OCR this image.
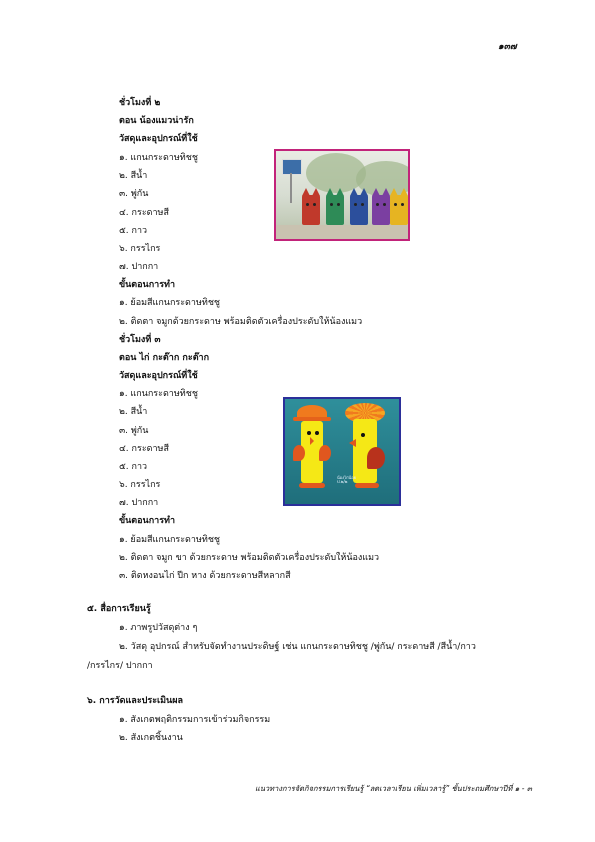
๑๓๗
ชั่วโมงที่ ๒
ตอน น้องแมวน่ารัก
วัสดุและอุปกรณ์ที่ใช้
๑. แกนกระดาษทิชชู
๒. สีน้ำ
๓. พู่กัน
๔. กระดาษสี
๕. กาว
๖. กรรไกร
๗. ปากกา
ขั้นตอนการทำ
๑. ย้อมสีแกนกระดาษทิชชู
๒. ติดตา จมูกด้วยกระดาษ พร้อมติดตัวเครื่องประดับให้น้องแมว
ชั่วโมงที่ ๓
ตอน ไก่ กะต๊าก กะต๊าก
วัสดุและอุปกรณ์ที่ใช้
๑. แกนกระดาษทิชชู
๒. สีน้ำ
๓. พู่กัน
๔. กระดาษสี
๕. กาว
๖. กรรไกร
๗. ปากกา
ขั้นตอนการทำ
๑. ย้อมสีแกนกระดาษทิชชู
๒. ติดตา จมูก ขา ด้วยกระดาษ พร้อมติดตัวเครื่องประดับให้น้องแมว
๓. ติดหงอนไก่ ปีก หาง ด้วยกระดาษสีหลากสี
น้องไก่น้อย
ป.๒/๒
๕. สื่อการเรียนรู้
๑. ภาพรูปวัสดุต่าง ๆ
๒. วัสดุ อุปกรณ์ สำหรับจัดทำงานประดิษฐ์ เช่น แกนกระดาษทิชชู /พู่กัน/ กระดาษสี /สีน้ำ/กาว
/กรรไกร/ ปากกา
๖. การวัดและประเมินผล
๑. สังเกตพฤติกรรมการเข้าร่วมกิจกรรม
๒. สังเกตชิ้นงาน
แนวทางการจัดกิจกรรมการเรียนรู้ “ลดเวลาเรียน เพิ่มเวลารู้” ชั้นประถมศึกษาปีที่ ๑ - ๓
